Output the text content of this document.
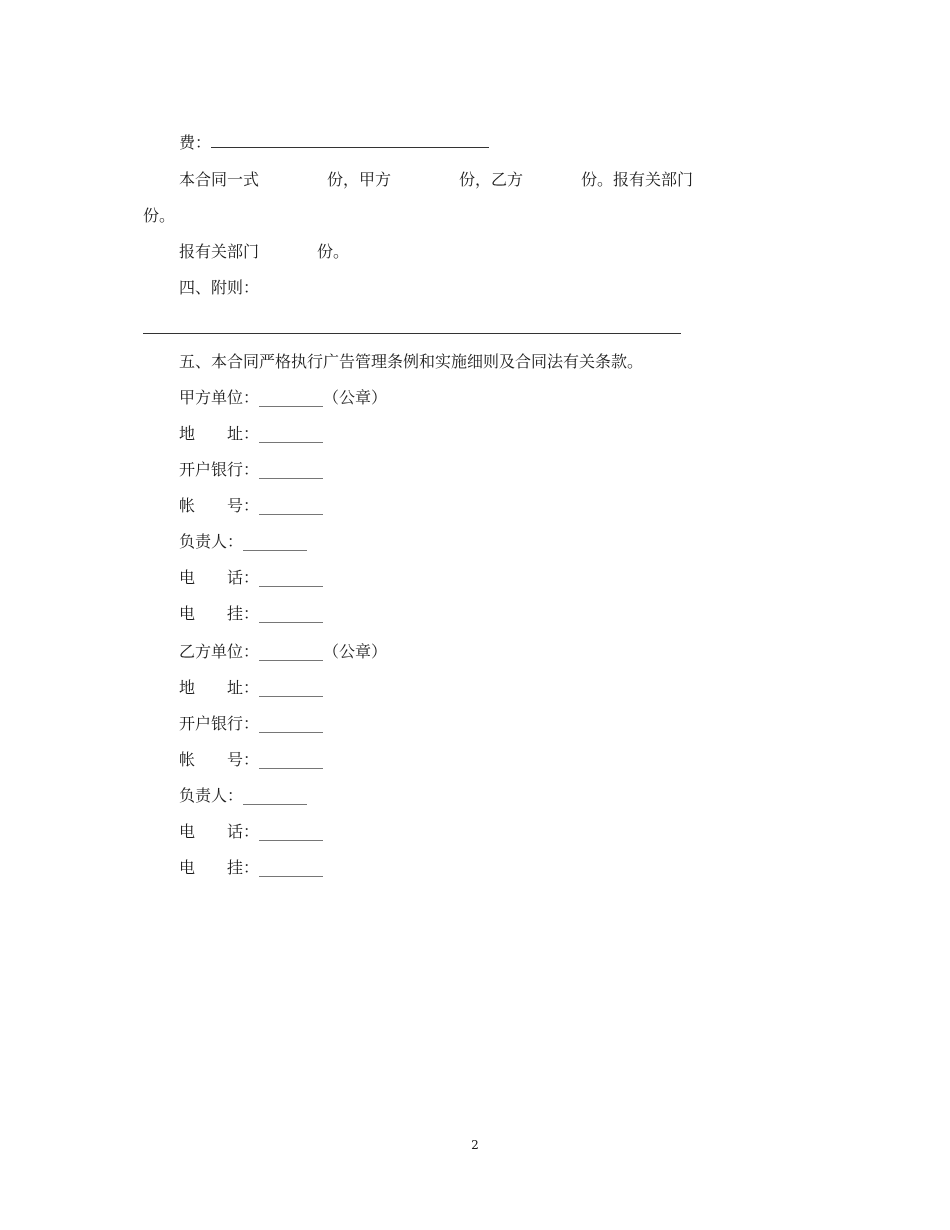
费：
本合同一式	份，甲方	份，乙方	份。报有关部门
份。
报有关部门	份。
四、附则：
五、本合同严格执行广告管理条例和实施细则及合同法有关条款。
甲方单位：________（公章）
地　　址：________
开户银行：________
帐　　号：________
负责人：________
电　　话：________
电　　挂：________
乙方单位：________（公章）
地　　址：________
开户银行：________
帐　　号：________
负责人：________
电　　话：________
电　　挂：________
2
